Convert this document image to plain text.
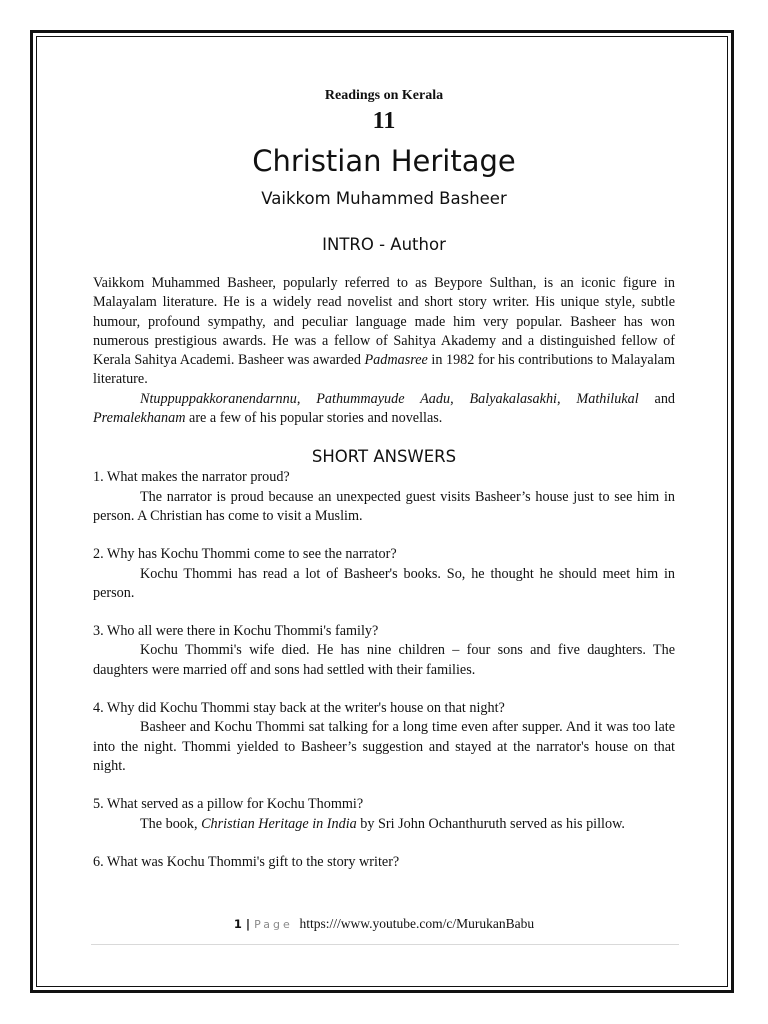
Readings on Kerala

11

Christian Heritage

Vaikkom Muhammed Basheer

INTRO - Author

Vaikkom Muhammed Basheer, popularly referred to as Beypore Sulthan, is an iconic figure in Malayalam literature. He is a widely read novelist and short story writer. His unique style, subtle humour, profound sympathy, and peculiar language made him very popular. Basheer has won numerous prestigious awards. He was a fellow of Sahitya Akademy and a distinguished fellow of Kerala Sahitya Academi. Basheer was awarded Padmasree in 1982 for his contributions to Malayalam literature.

Ntuppuppakkoranendarnnu, Pathummayude Aadu, Balyakalasakhi, Mathilukal and Premalekhanam are a few of his popular stories and novellas.

SHORT ANSWERS

1. What makes the narrator proud?

The narrator is proud because an unexpected guest visits Basheer’s house just to see him in person. A Christian has come to visit a Muslim.

2. Why has Kochu Thommi come to see the narrator?

Kochu Thommi has read a lot of Basheer's books. So, he thought he should meet him in person.

3. Who all were there in Kochu Thommi's family?

Kochu Thommi's wife died. He has nine children – four sons and five daughters. The daughters were married off and sons had settled with their families.

4. Why did Kochu Thommi stay back at the writer's house on that night?

Basheer and Kochu Thommi sat talking for a long time even after supper. And it was too late into the night. Thommi yielded to Basheer’s suggestion and stayed at the narrator's house on that night.

5. What served as a pillow for Kochu Thommi?

The book, Christian Heritage in India by Sri John Ochanthuruth served as his pillow.

6. What was Kochu Thommi's gift to the story writer?

1 | Page https:///www.youtube.com/c/MurukanBabu
